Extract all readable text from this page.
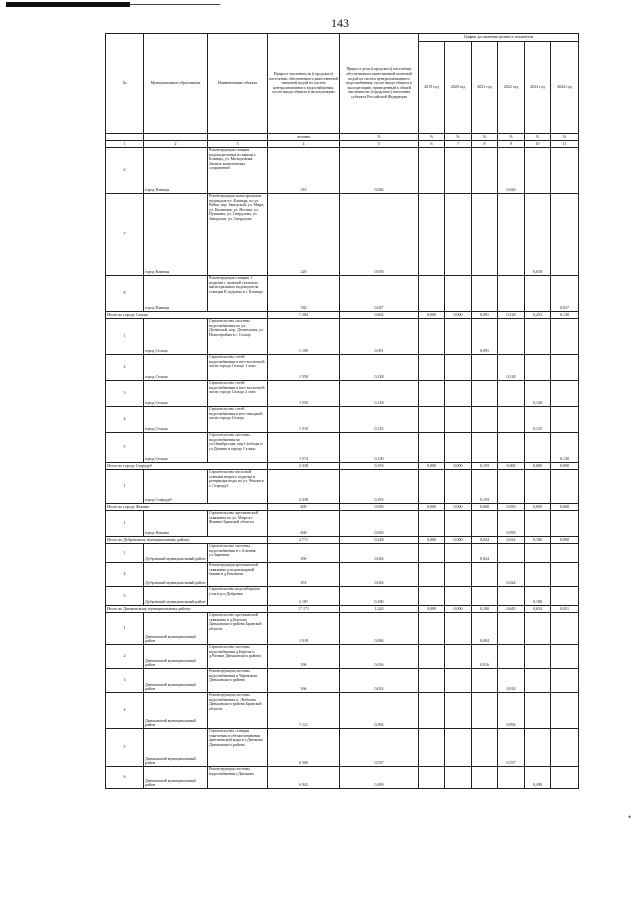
143
№	Муниципальное образование	Наименование объекта	Прирост численности (городского) населения, обеспеченного качественной питьевой водой из систем централизованного водоснабжения, после ввода объекта в эксплуатацию	Прирост доли (городского) населения, обеспеченного качественной питьевой водой из систем централизованного водоснабжения, после ввода объекта в эксплуатацию, приведенный к общей численности (городского) населения субъекта Российской Федерации	График достижения целевого показателя					
					2019 год	2020 год	2021 год	2022 год	2023 год	2024 год
			человек	%	%	%	%	%	%	%
1	2	3	4	5	6	7	8	9	10	11
6	город Клинцы	Реконструкция станции водоподготовки из карьер г. Клинцы, ул. Молодежная, 2новых комплектных сооружений	310	0,026				0,026		
7	город Клинцы	Реконструкция магистральных водоводов в г. Клинцы, по ул. Рябка, пер. Заводской, ул. Мира, ул. Калинина, ул. Ногина, ул. Пушкина, ул. Свердлова, ул. Заводская, ул. Свердлова	220	0,018					0,018	
8	город Клинцы	Реконструкция станции 1 подъёма с заменой стальных магистральных водоводов на станции II подъёма в г. Клинцы	330	0,027						0,027
Итого по городу Сельцо			7 284	0,602	0,000	0,000	0,091	0,128	0,253	0,130
1	город Сельцо	Строительство системы водоснабжения по ул. Десянской, пер. Десянскому, ул. Новостройки в г. Сельцо	1 100	0,091			0,091			
2	город Сельцо	Строительство сетей водоснабжения в юго-восточной части города Сельцо 1 этап	1 550	0,128				0,128		
3	город Сельцо	Строительство сетей водоснабжения в юго-восточной части города Сельцо 2 этап	1 550	0,128					0,128	
4	город Сельцо	Строительство сетей водоснабжения в юго-западной части города Сельцо	1 510	0,125					0,125	
5	город Сельцо	Строительство системы водоснабжения по ул.Октябрьская, пер.Свободы и ул.Демина в городе Сельцо	1 574	0,130						0,130
Итого по городу Стародуб			2 338	0,193	0,000	0,000	0,193	0,000	0,000	0,000
1	город Стародуб	Строительство насосной станции второго подъема и резервуара воды по ул. Чехова в г. Стародуб	2 338	0,193			0,193			
Итого по городу Фокино			600	0,050	0,000	0,000	0,000	0,050	0,000	0,000
1	город Фокино	Строительство артезианской скважины по ул. Мира в г. Фокино Брянской области	600	0,050				0,050		
Итого по Дубровскому муниципальному району			2 771	0,228	0,000	0,000	0,024	0,024	0,180	0,000
1	Дубровский муниципальный район	Строительство системы водоснабжения в с.Алешня ул.Заречная	290	0,024			0,024			
2	Дубровский муниципальный район	Реконструкция артезианской скважины и водонапорной башни в д.Рековичи	291	0,024				0,024		
3	Дубровский муниципальный район	Строительство водозаборного узла в р.п.Дубровка	2 181	0,180					0,180	
Итого по Дятьковскому муниципальному району			17 171	1,420	0,000	0,000	0,100	0,645	0,654	0,021
1	Дятьковский муниципальный район	Строительство артезианской скважины в д.Бытоша Дятьковского района Брянской области	1 018	0,084			0,084			
2	Дятьковский муниципальный район	Строительство системы водоснабжения д.Березы и д.Разные Дятьковского района	196	0,016			0,016			
3	Дятьковский муниципальный район	Реконструкция системы водоснабжения в Чернятичи Дятьковского района	166	0,014				0,014		
4	Дятьковский муниципальный район	Реконструкция системы водоснабжения п. Любохна Дятьковского района Брянской области	7 121	0,094				0,094		
5	Дятьковский муниципальный район	Строительство станции умягчения и обезжелезивания артезианской воды в г.Дятьково Дятьковского района	6 500	0,537				0,537		
6	Дятьковский муниципальный район	Реконструкция системы водоснабжения г.Дятьково	6 941	0,499					0,499	
•
